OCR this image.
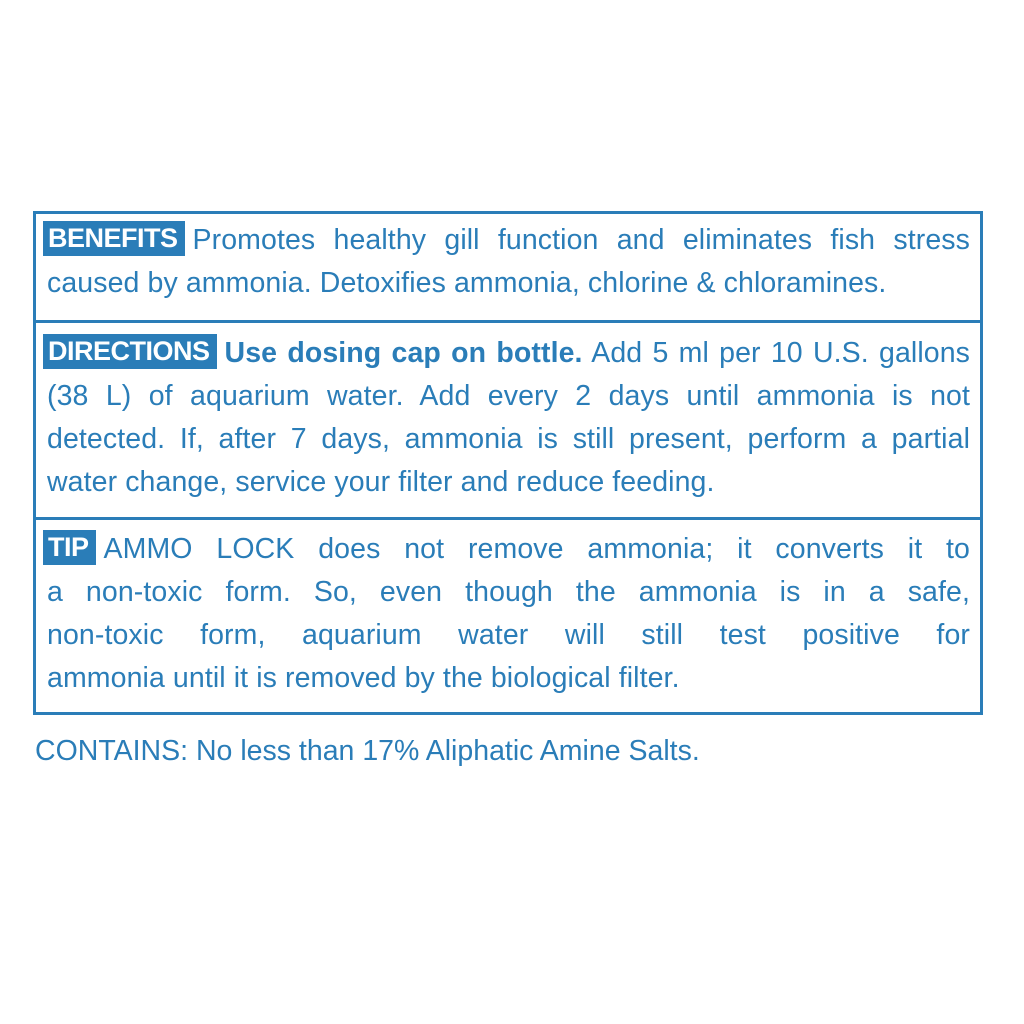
BENEFITS Promotes healthy gill function and eliminates fish stress
caused by ammonia. Detoxifies ammonia, chlorine & chloramines.
DIRECTIONS Use dosing cap on bottle. Add 5 ml per 10 U.S. gallons
(38 L) of aquarium water. Add every 2 days until ammonia is not
detected. If, after 7 days, ammonia is still present, perform a partial
water change, service your filter and reduce feeding.
TIP AMMO LOCK does not remove ammonia; it converts it to
a non-toxic form. So, even though the ammonia is in a safe,
non-toxic form, aquarium water will still test positive for
ammonia until it is removed by the biological filter.
CONTAINS: No less than 17% Aliphatic Amine Salts.
